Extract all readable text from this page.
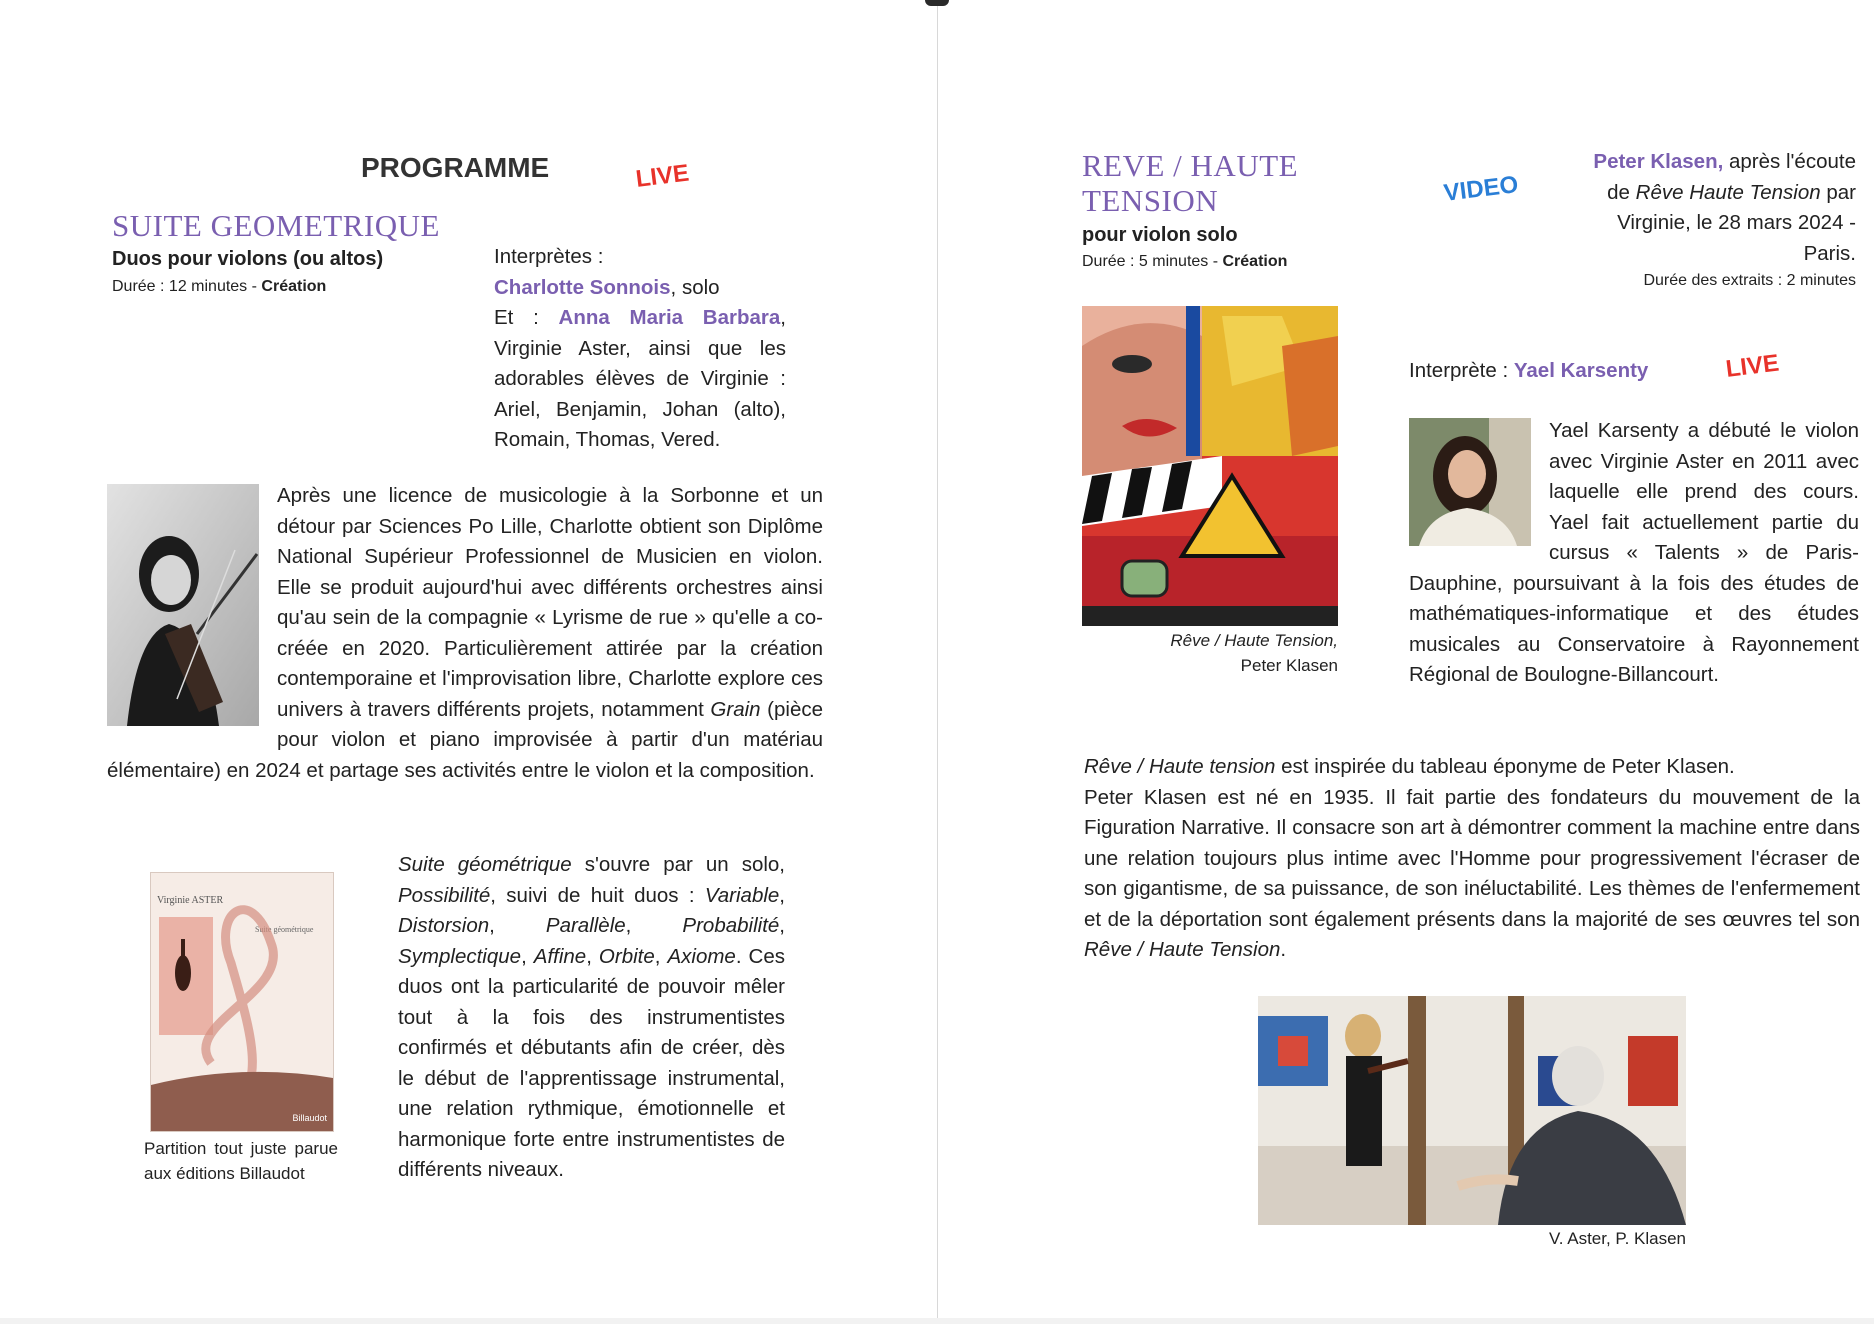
PROGRAMME	LIVE
SUITE GEOMETRIQUE
Duos pour violons (ou altos)
Durée : 12 minutes - Création
Interprètes :
Charlotte Sonnois, solo
Et : Anna Maria Barbara, Virginie Aster, ainsi que les adorables élèves de Virginie : Ariel, Benjamin, Johan (alto), Romain, Thomas, Vered.
Après une licence de musicologie à la Sorbonne et un détour par Sciences Po Lille, Charlotte obtient son Diplôme National Supérieur Professionnel de Musicien en violon. Elle se produit aujourd'hui avec différents orchestres ainsi qu'au sein de la compagnie « Lyrisme de rue » qu'elle a co-créée en 2020. Particulièrement attirée par la création contemporaine et l'improvisation libre, Charlotte explore ces univers à travers différents projets, notamment Grain (pièce pour violon et piano improvisée à partir d'un matériau élémentaire) en 2024 et partage ses activités entre le violon et la composition.
Virginie ASTER
Suite géométrique
Billaudot
Partition tout juste parue aux éditions Billaudot
Suite géométrique s'ouvre par un solo, Possibilité, suivi de huit duos : Variable, Distorsion, Parallèle, Probabilité, Symplectique, Affine, Orbite, Axiome. Ces duos ont la particularité de pouvoir mêler tout à la fois des instrumentistes confirmés et débutants afin de créer, dès le début de l'apprentissage instrumental, une relation rythmique, émotionnelle et harmonique forte entre instrumentistes de différents niveaux.
REVE / HAUTE TENSION	VIDEO
pour violon solo
Durée : 5 minutes - Création
Peter Klasen, après l'écoute de Rêve Haute Tension par Virginie, le 28 mars 2024 - Paris.
Durée des extraits : 2 minutes
Rêve / Haute Tension,
Peter Klasen
Interprète : Yael Karsenty	LIVE
Yael Karsenty a débuté le violon avec Virginie Aster en 2011 avec laquelle elle prend des cours. Yael fait actuellement partie du cursus « Talents » de Paris-Dauphine, poursuivant à la fois des études de mathématiques-informatique et des études musicales au Conservatoire à Rayonnement Régional de Boulogne-Billancourt.
Rêve / Haute tension est inspirée du tableau éponyme de Peter Klasen.
Peter Klasen est né en 1935. Il fait partie des fondateurs du mouvement de la Figuration Narrative. Il consacre son art à démontrer comment la machine entre dans une relation toujours plus intime avec l'Homme pour progressivement l'écraser de son gigantisme, de sa puissance, de son inéluctabilité. Les thèmes de l'enfermement et de la déportation sont également présents dans la majorité de ses œuvres tel son Rêve / Haute Tension.
V. Aster, P. Klasen
